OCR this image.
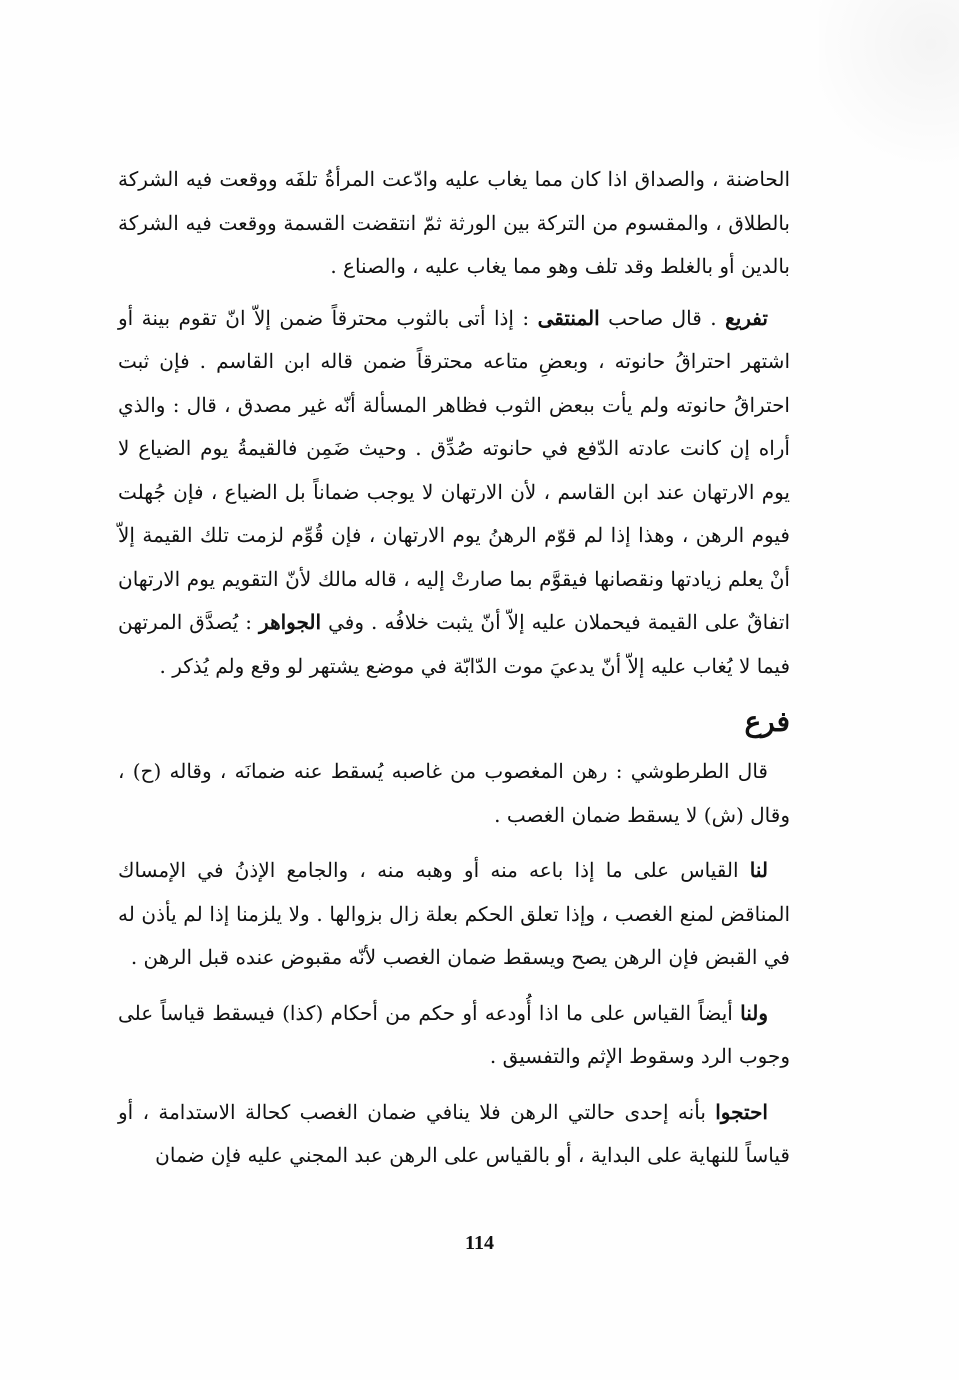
الحاضنة ، والصداق اذا كان مما يغاب عليه وادّعت المرأةُ تلفَه ووقعت فيه الشركة بالطلاق ، والمقسوم من التركة بين الورثة ثمّ انتقضت القسمة ووقعت فيه الشركة بالدين أو بالغلط وقد تلف وهو مما يغاب عليه ، والصناع .

تفريع . قال صاحب المنتقى : إذا أتى بالثوب محترقاً ضمن إلاّ انّ تقوم بينة أو اشتهر احتراقُ حانوته ، وبعضِ متاعه محترقاً ضمن قاله ابن القاسم . فإن ثبت احتراقُ حانوته ولم يأت ببعض الثوب فظاهر المسألة أنّه غير مصدق ، قال : والذي أراه إن كانت عادته الدّفع في حانوته صُدِّق . وحيث ضَمِن فالقيمةُ يوم الضياع لا يوم الارتهان عند ابن القاسم ، لأن الارتهان لا يوجب ضماناً بل الضياع ، فإن جُهلت فيوم الرهن ، وهذا إذا لم قوّم الرهنُ يوم الارتهان ، فإن قُوِّم لزمت تلك القيمة إلاّ أنْ يعلم زيادتها ونقصانها فيقوَّم بما صارتْ إليه ، قاله مالك لأنّ التقويم يوم الارتهان اتفاقٌ على القيمة فيحملان عليه إلاّ أنّ يثبت خلافُه . وفي الجواهر : يُصدَّق المرتهن فيما لا يُغاب عليه إلاّ أنّ يدعيَ موت الدّابّة في موضع يشتهر لو وقع ولم يُذكر .

فرع

قال الطرطوشي : رهن المغصوب من غاصبه يُسقط عنه ضمانَه ، وقاله (ح) ، وقال (ش) لا يسقط ضمان الغصب .

لنا القياس على ما إذا باعه منه أو وهبه منه ، والجامع الإذنُ في الإمساك المناقض لمنع الغصب ، وإذا تعلق الحكم بعلة زال بزوالها . ولا يلزمنا إذا لم يأذن له في القبض فإن الرهن يصح ويسقط ضمان الغصب لأنّه مقبوض عنده قبل الرهن .

ولنا أيضاً القياس على ما اذا أُودعه أو حكم من أحكام (كذا) فيسقط قياساً على وجوب الرد وسقوط الإثم والتفسيق .

احتجوا بأنه إحدى حالتي الرهن فلا ينافي ضمان الغصب كحالة الاستدامة ، أو قياساً للنهاية على البداية ، أو بالقياس على الرهن عبد المجني عليه فإن ضمان

114
